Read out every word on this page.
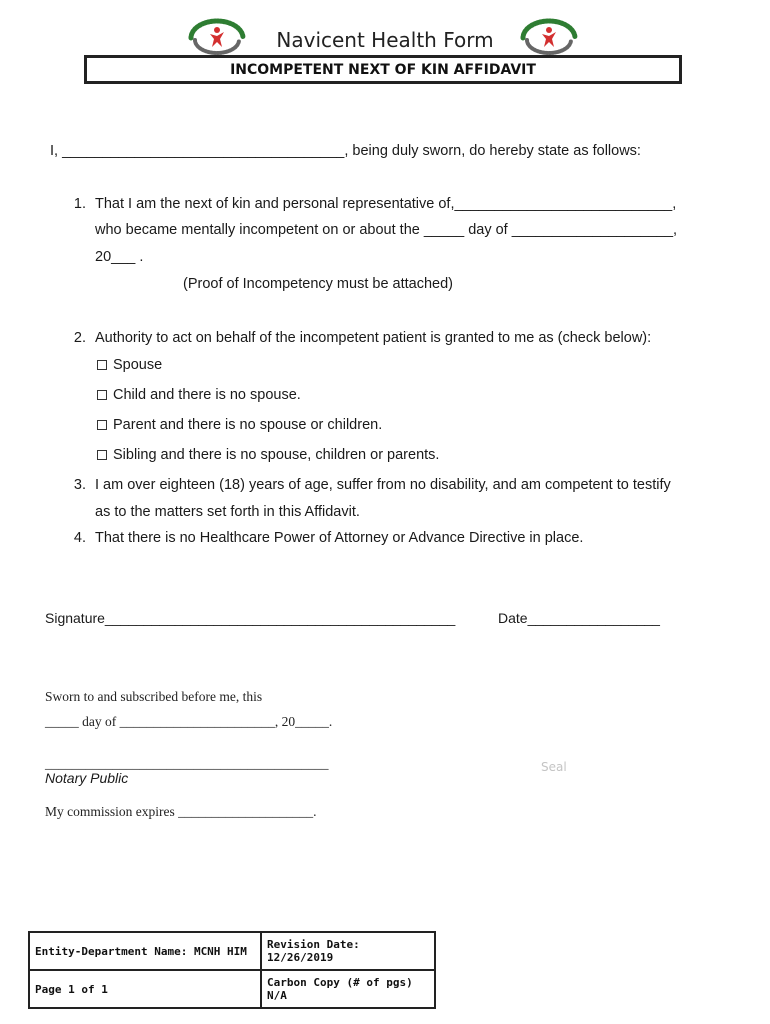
Navicent Health Form
INCOMPETENT NEXT OF KIN AFFIDAVIT
I, ___________________________________, being duly sworn, do hereby state as follows:
1. That I am the next of kin and personal representative of,___________________________,
who became mentally incompetent on or about the _____ day of ____________________,
20___ .
(Proof of Incompetency must be attached)
2. Authority to act on behalf of the incompetent patient is granted to me as (check below):
Spouse
Child and there is no spouse.
Parent and there is no spouse or children.
Sibling and there is no spouse, children or parents.
3. I am over eighteen (18) years of age, suffer from no disability, and am competent to testify
as to the matters set forth in this Affidavit.
4. That there is no Healthcare Power of Attorney or Advance Directive in place.
Signature_____________________________________________	Date_________________
Sworn to and subscribed before me, this
_____ day of _______________________, 20_____.
__________________________________________
Notary Public
Seal
My commission expires ____________________.
Entity-Department Name: MCNH HIM	Revision Date: 12/26/2019
Page 1 of 1	Carbon Copy (# of pgs) N/A
